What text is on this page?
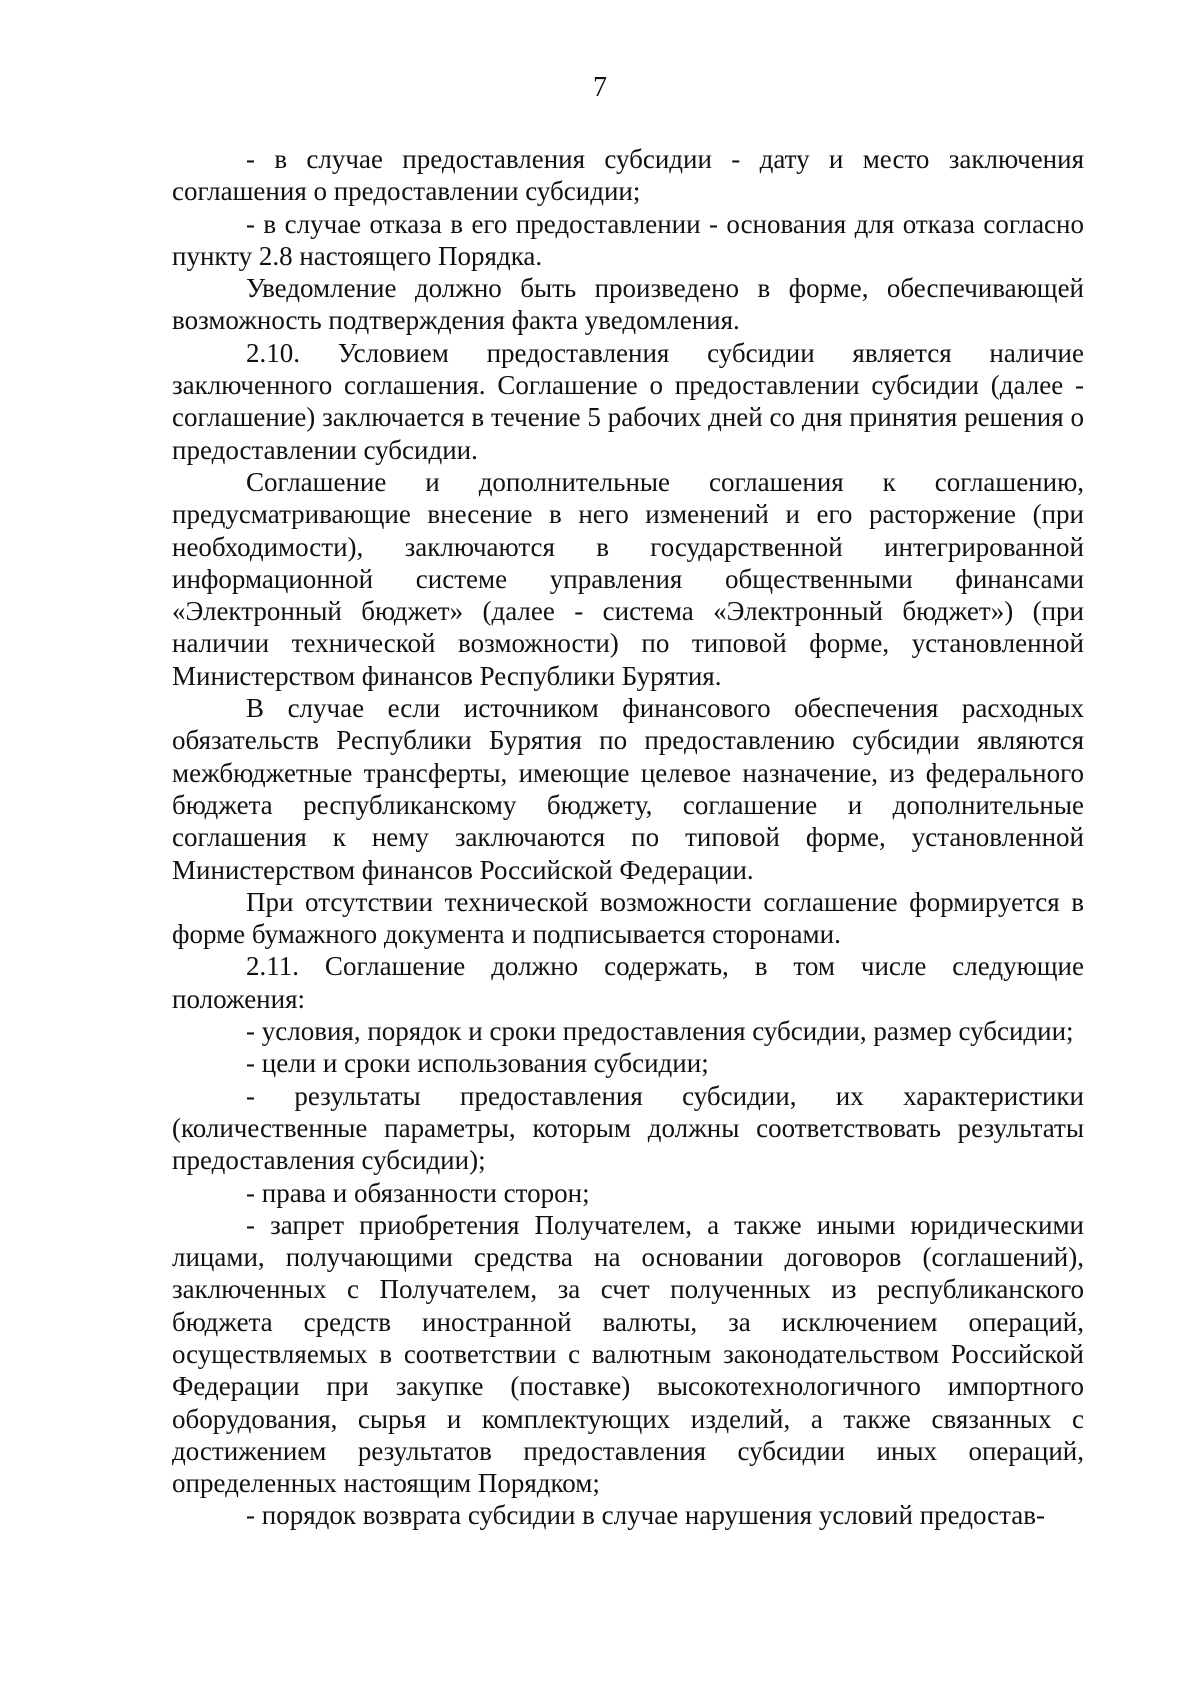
7

- в случае предоставления субсидии - дату и место заключения соглашения о предоставлении субсидии;

- в случае отказа в его предоставлении - основания для отказа согласно пункту 2.8 настоящего Порядка.

Уведомление должно быть произведено в форме, обеспечивающей возможность подтверждения факта уведомления.

2.10. Условием предоставления субсидии является наличие заключенного соглашения. Соглашение о предоставлении субсидии (далее - соглашение) заключается в течение 5 рабочих дней со дня принятия решения о предоставлении субсидии.

Соглашение и дополнительные соглашения к соглашению, предусматривающие внесение в него изменений и его расторжение (при необходимости), заключаются в государственной интегрированной информационной системе управления общественными финансами «Электронный бюджет» (далее - система «Электронный бюджет») (при наличии технической возможности) по типовой форме, установленной Министерством финансов Республики Бурятия.

В случае если источником финансового обеспечения расходных обязательств Республики Бурятия по предоставлению субсидии являются межбюджетные трансферты, имеющие целевое назначение, из федерального бюджета республиканскому бюджету, соглашение и дополнительные соглашения к нему заключаются по типовой форме, установленной Министерством финансов Российской Федерации.

При отсутствии технической возможности соглашение формируется в форме бумажного документа и подписывается сторонами.

2.11. Соглашение должно содержать, в том числе следующие положения:

- условия, порядок и сроки предоставления субсидии, размер субсидии;

- цели и сроки использования субсидии;

- результаты предоставления субсидии, их характеристики (количественные параметры, которым должны соответствовать результаты предоставления субсидии);

- права и обязанности сторон;

- запрет приобретения Получателем, а также иными юридическими лицами, получающими средства на основании договоров (соглашений), заключенных с Получателем, за счет полученных из республиканского бюджета средств иностранной валюты, за исключением операций, осуществляемых в соответствии с валютным законодательством Российской Федерации при закупке (поставке) высокотехнологичного импортного оборудования, сырья и комплектующих изделий, а также связанных с достижением результатов предоставления субсидии иных операций, определенных настоящим Порядком;

- порядок возврата субсидии в случае нарушения условий предостав-
